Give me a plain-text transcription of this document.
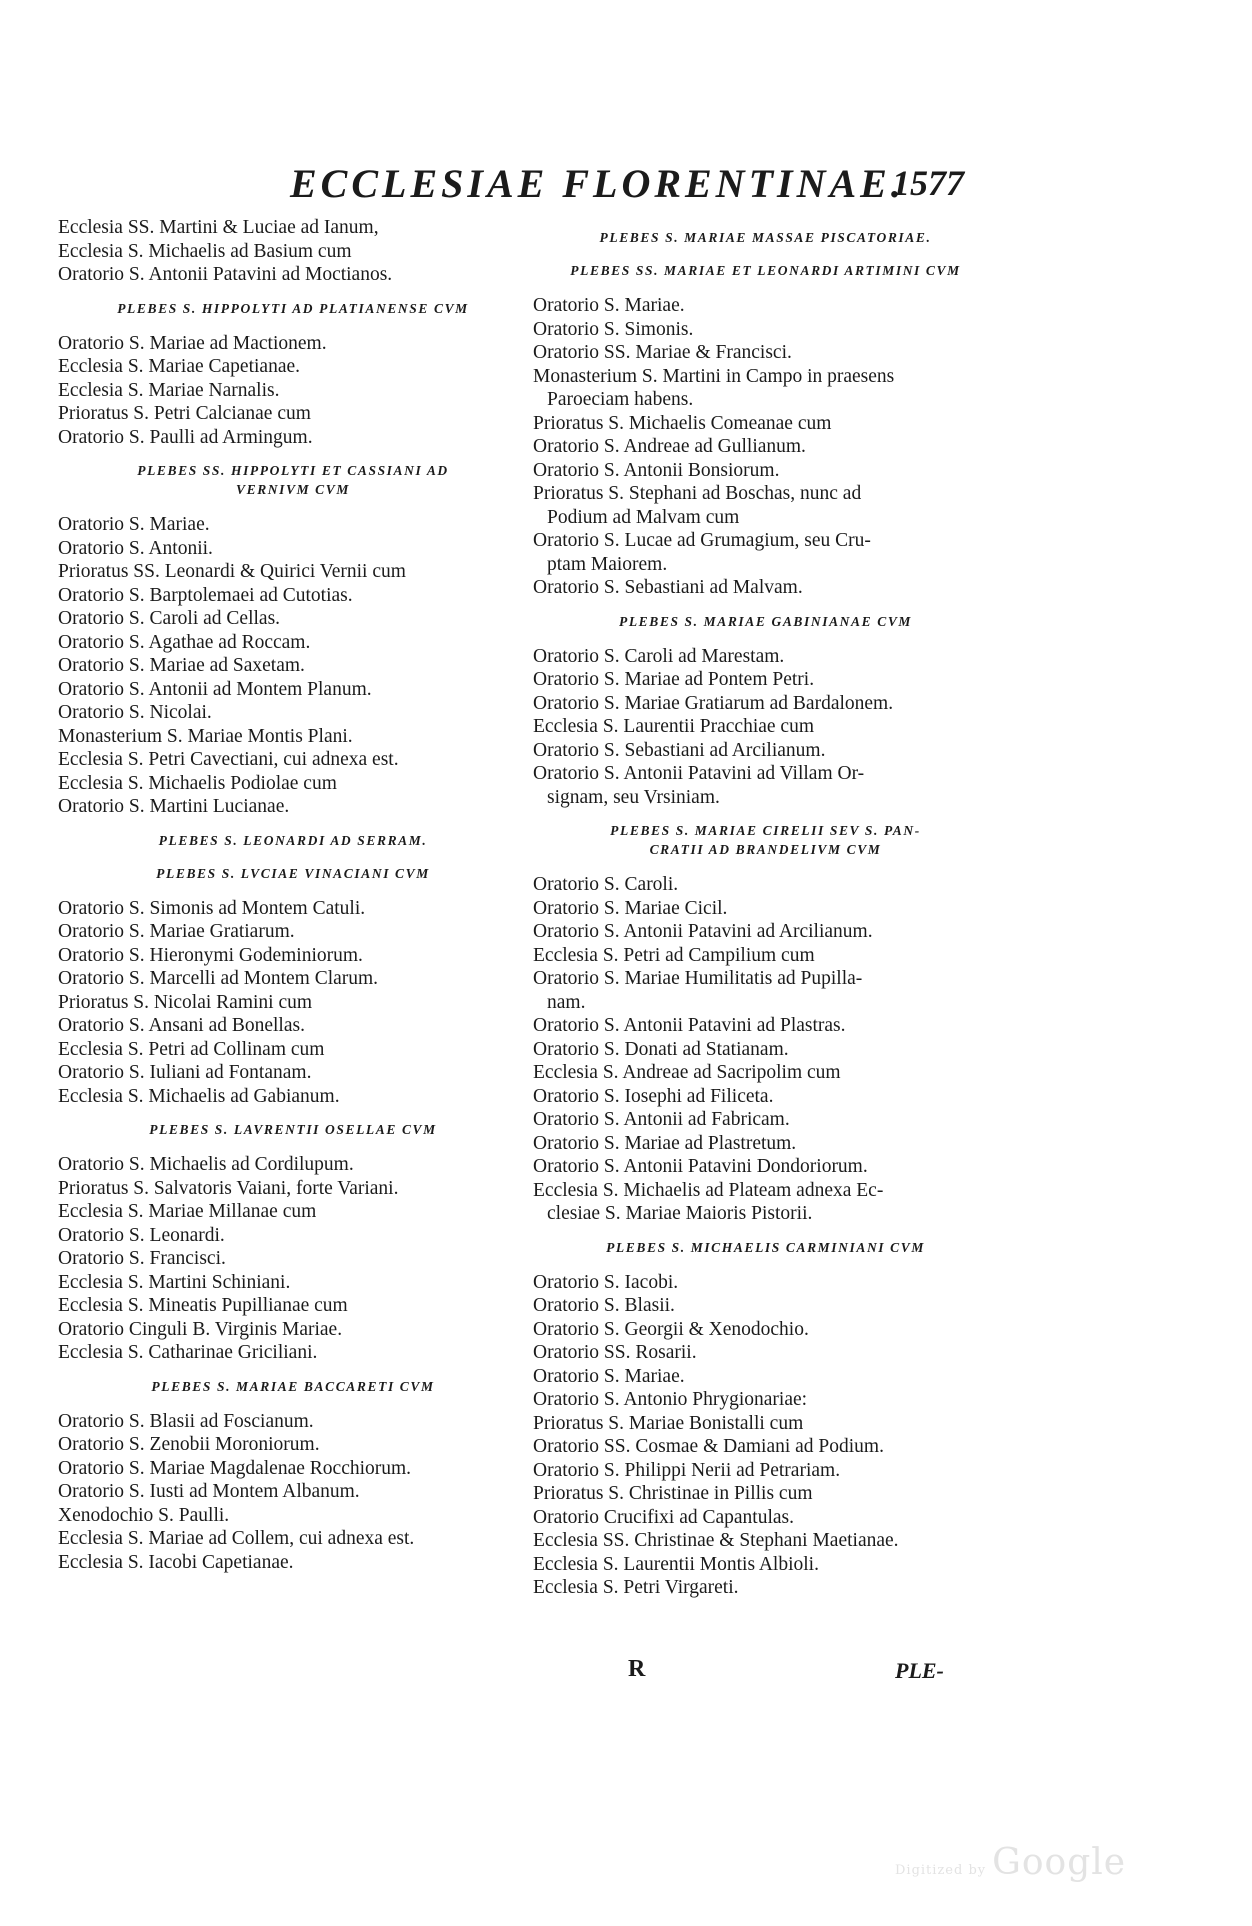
ECCLESIAE FLORENTINAE.
1577
Ecclesia SS. Martini & Luciae ad Ianum,
Ecclesia S. Michaelis ad Basium cum
Oratorio S. Antonii Patavini ad Moctianos.
PLEBES S. HIPPOLYTI AD PLATIANENSE CVM
Oratorio S. Mariae ad Mactionem.
Ecclesia S. Mariae Capetianae.
Ecclesia S. Mariae Narnalis.
Prioratus S. Petri Calcianae cum
Oratorio S. Paulli ad Armingum.
PLEBES SS. HIPPOLYTI ET CASSIANI AD
VERNIVM CVM
Oratorio S. Mariae.
Oratorio S. Antonii.
Prioratus SS. Leonardi & Quirici Vernii cum
Oratorio S. Barptolemaei ad Cutotias.
Oratorio S. Caroli ad Cellas.
Oratorio S. Agathae ad Roccam.
Oratorio S. Mariae ad Saxetam.
Oratorio S. Antonii ad Montem Planum.
Oratorio S. Nicolai.
Monasterium S. Mariae Montis Plani.
Ecclesia S. Petri Cavectiani, cui adnexa est.
Ecclesia S. Michaelis Podiolae cum
Oratorio S. Martini Lucianae.
PLEBES S. LEONARDI AD SERRAM.
PLEBES S. LVCIAE VINACIANI CVM
Oratorio S. Simonis ad Montem Catuli.
Oratorio S. Mariae Gratiarum.
Oratorio S. Hieronymi Godeminiorum.
Oratorio S. Marcelli ad Montem Clarum.
Prioratus S. Nicolai Ramini cum
Oratorio S. Ansani ad Bonellas.
Ecclesia S. Petri ad Collinam cum
Oratorio S. Iuliani ad Fontanam.
Ecclesia S. Michaelis ad Gabianum.
PLEBES S. LAVRENTII OSELLAE CVM
Oratorio S. Michaelis ad Cordilupum.
Prioratus S. Salvatoris Vaiani, forte Variani.
Ecclesia S. Mariae Millanae cum
Oratorio S. Leonardi.
Oratorio S. Francisci.
Ecclesia S. Martini Schiniani.
Ecclesia S. Mineatis Pupillianae cum
Oratorio Cinguli B. Virginis Mariae.
Ecclesia S. Catharinae Griciliani.
PLEBES S. MARIAE BACCARETI CVM
Oratorio S. Blasii ad Foscianum.
Oratorio S. Zenobii Moroniorum.
Oratorio S. Mariae Magdalenae Rocchiorum.
Oratorio S. Iusti ad Montem Albanum.
Xenodochio S. Paulli.
Ecclesia S. Mariae ad Collem, cui adnexa est.
Ecclesia S. Iacobi Capetianae.
PLEBES S. MARIAE MASSAE PISCATORIAE.
PLEBES SS. MARIAE ET LEONARDI ARTIMINI CVM
Oratorio S. Mariae.
Oratorio S. Simonis.
Oratorio SS. Mariae & Francisci.
Monasterium S. Martini in Campo in praesens
Paroeciam habens.
Prioratus S. Michaelis Comeanae cum
Oratorio S. Andreae ad Gullianum.
Oratorio S. Antonii Bonsiorum.
Prioratus S. Stephani ad Boschas, nunc ad
Podium ad Malvam cum
Oratorio S. Lucae ad Grumagium, seu Cru-
ptam Maiorem.
Oratorio S. Sebastiani ad Malvam.
PLEBES S. MARIAE GABINIANAE CVM
Oratorio S. Caroli ad Marestam.
Oratorio S. Mariae ad Pontem Petri.
Oratorio S. Mariae Gratiarum ad Bardalonem.
Ecclesia S. Laurentii Pracchiae cum
Oratorio S. Sebastiani ad Arcilianum.
Oratorio S. Antonii Patavini ad Villam Or-
signam, seu Vrsiniam.
PLEBES S. MARIAE CIRELII SEV S. PAN-
CRATII AD BRANDELIVM CVM
Oratorio S. Caroli.
Oratorio S. Mariae Cicil.
Oratorio S. Antonii Patavini ad Arcilianum.
Ecclesia S. Petri ad Campilium cum
Oratorio S. Mariae Humilitatis ad Pupilla-
nam.
Oratorio S. Antonii Patavini ad Plastras.
Oratorio S. Donati ad Statianam.
Ecclesia S. Andreae ad Sacripolim cum
Oratorio S. Iosephi ad Filiceta.
Oratorio S. Antonii ad Fabricam.
Oratorio S. Mariae ad Plastretum.
Oratorio S. Antonii Patavini Dondoriorum.
Ecclesia S. Michaelis ad Plateam adnexa Ec-
clesiae S. Mariae Maioris Pistorii.
PLEBES S. MICHAELIS CARMINIANI CVM
Oratorio S. Iacobi.
Oratorio S. Blasii.
Oratorio S. Georgii & Xenodochio.
Oratorio SS. Rosarii.
Oratorio S. Mariae.
Oratorio S. Antonio Phrygionariae:
Prioratus S. Mariae Bonistalli cum
Oratorio SS. Cosmae & Damiani ad Podium.
Oratorio S. Philippi Nerii ad Petrariam.
Prioratus S. Christinae in Pillis cum
Oratorio Crucifixi ad Capantulas.
Ecclesia SS. Christinae & Stephani Maetianae.
Ecclesia S. Laurentii Montis Albioli.
Ecclesia S. Petri Virgareti.
R	PLE-
Digitized by Google
